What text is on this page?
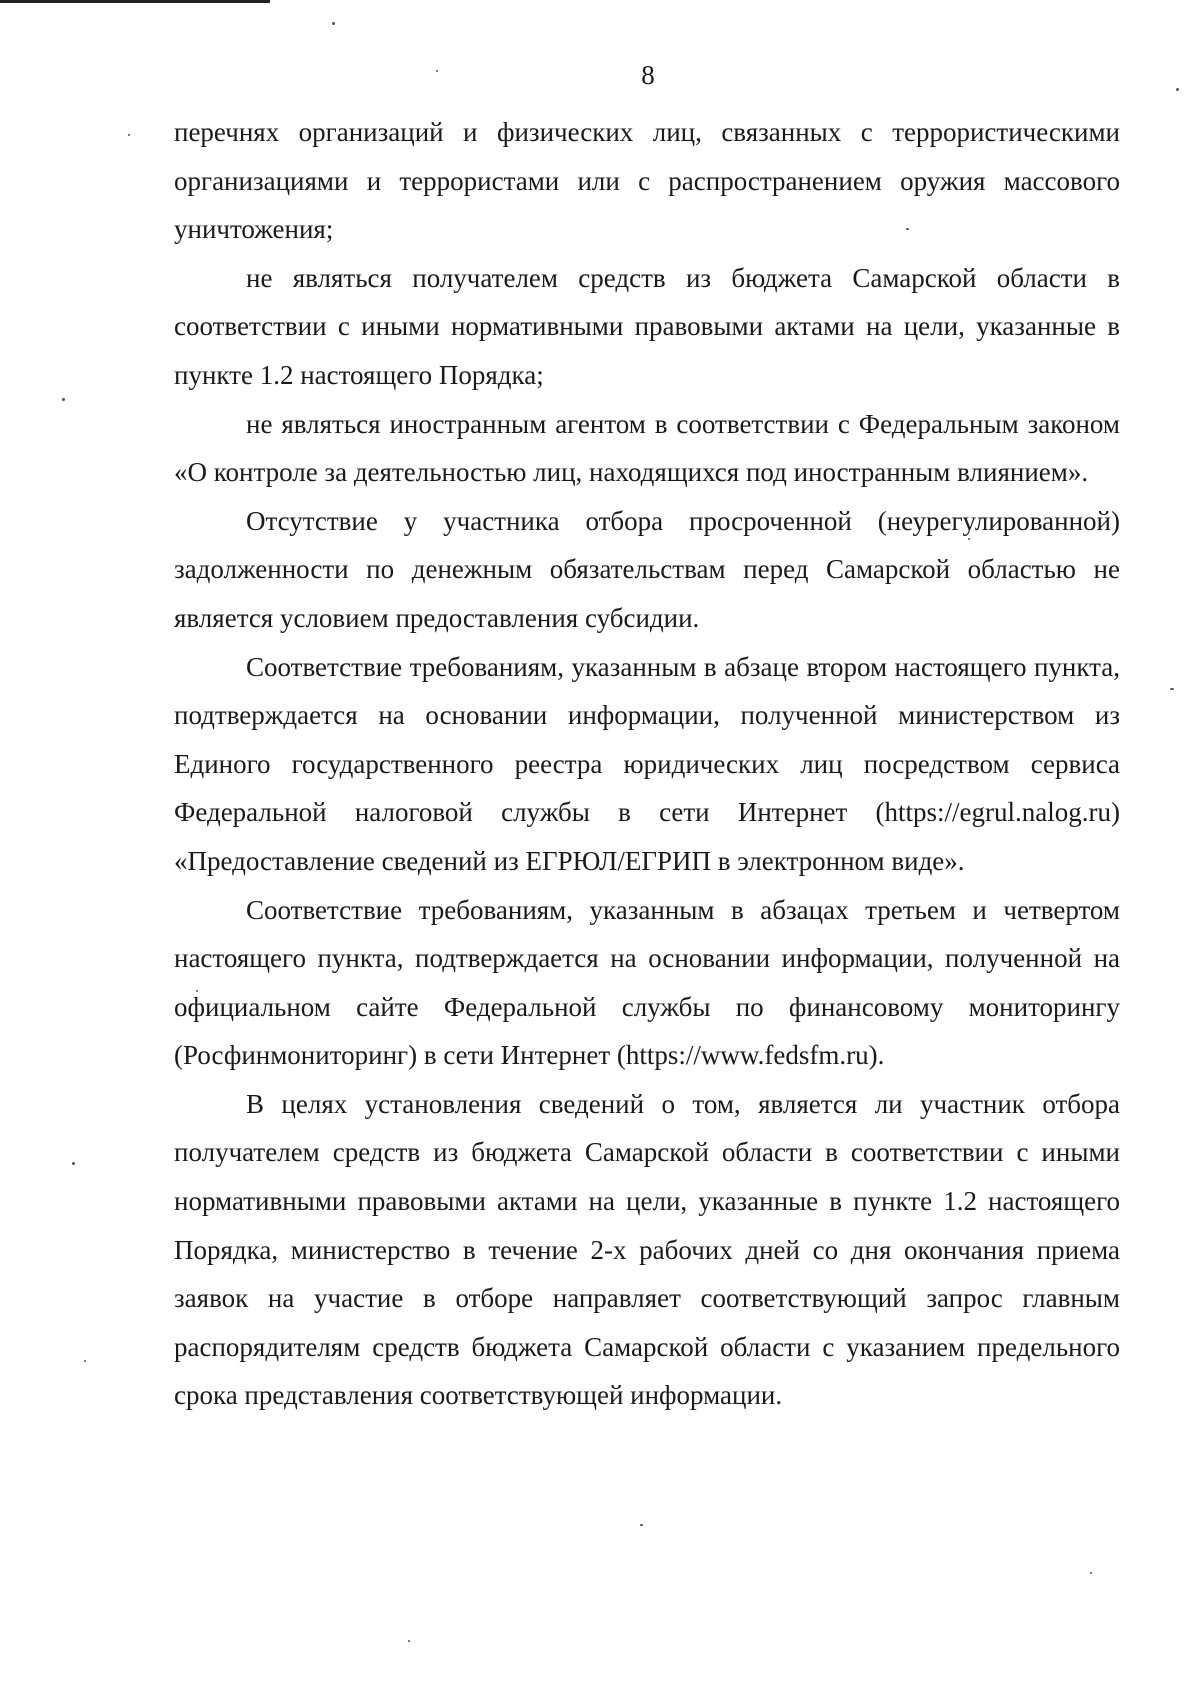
8

перечнях организаций и физических лиц, связанных с террористическими организациями и террористами или с распространением оружия массового уничтожения;

не являться получателем средств из бюджета Самарской области в соответствии с иными нормативными правовыми актами на цели, указанные в пункте 1.2 настоящего Порядка;

не являться иностранным агентом в соответствии с Федеральным законом «О контроле за деятельностью лиц, находящихся под иностранным влиянием».

Отсутствие у участника отбора просроченной (неурегулированной) задолженности по денежным обязательствам перед Самарской областью не является условием предоставления субсидии.

Соответствие требованиям, указанным в абзаце втором настоящего пункта, подтверждается на основании информации, полученной министерством из Единого государственного реестра юридических лиц посредством сервиса Федеральной налоговой службы в сети Интернет (https://egrul.nalog.ru) «Предоставление сведений из ЕГРЮЛ/ЕГРИП в электронном виде».

Соответствие требованиям, указанным в абзацах третьем и четвертом настоящего пункта, подтверждается на основании информации, полученной на официальном сайте Федеральной службы по финансовому мониторингу (Росфинмониторинг) в сети Интернет (https://www.fedsfm.ru).

В целях установления сведений о том, является ли участник отбора получателем средств из бюджета Самарской области в соответствии с иными нормативными правовыми актами на цели, указанные в пункте 1.2 настоящего Порядка, министерство в течение 2-х рабочих дней со дня окончания приема заявок на участие в отборе направляет соответствующий запрос главным распорядителям средств бюджета Самарской области с указанием предельного срока представления соответствующей информации.
